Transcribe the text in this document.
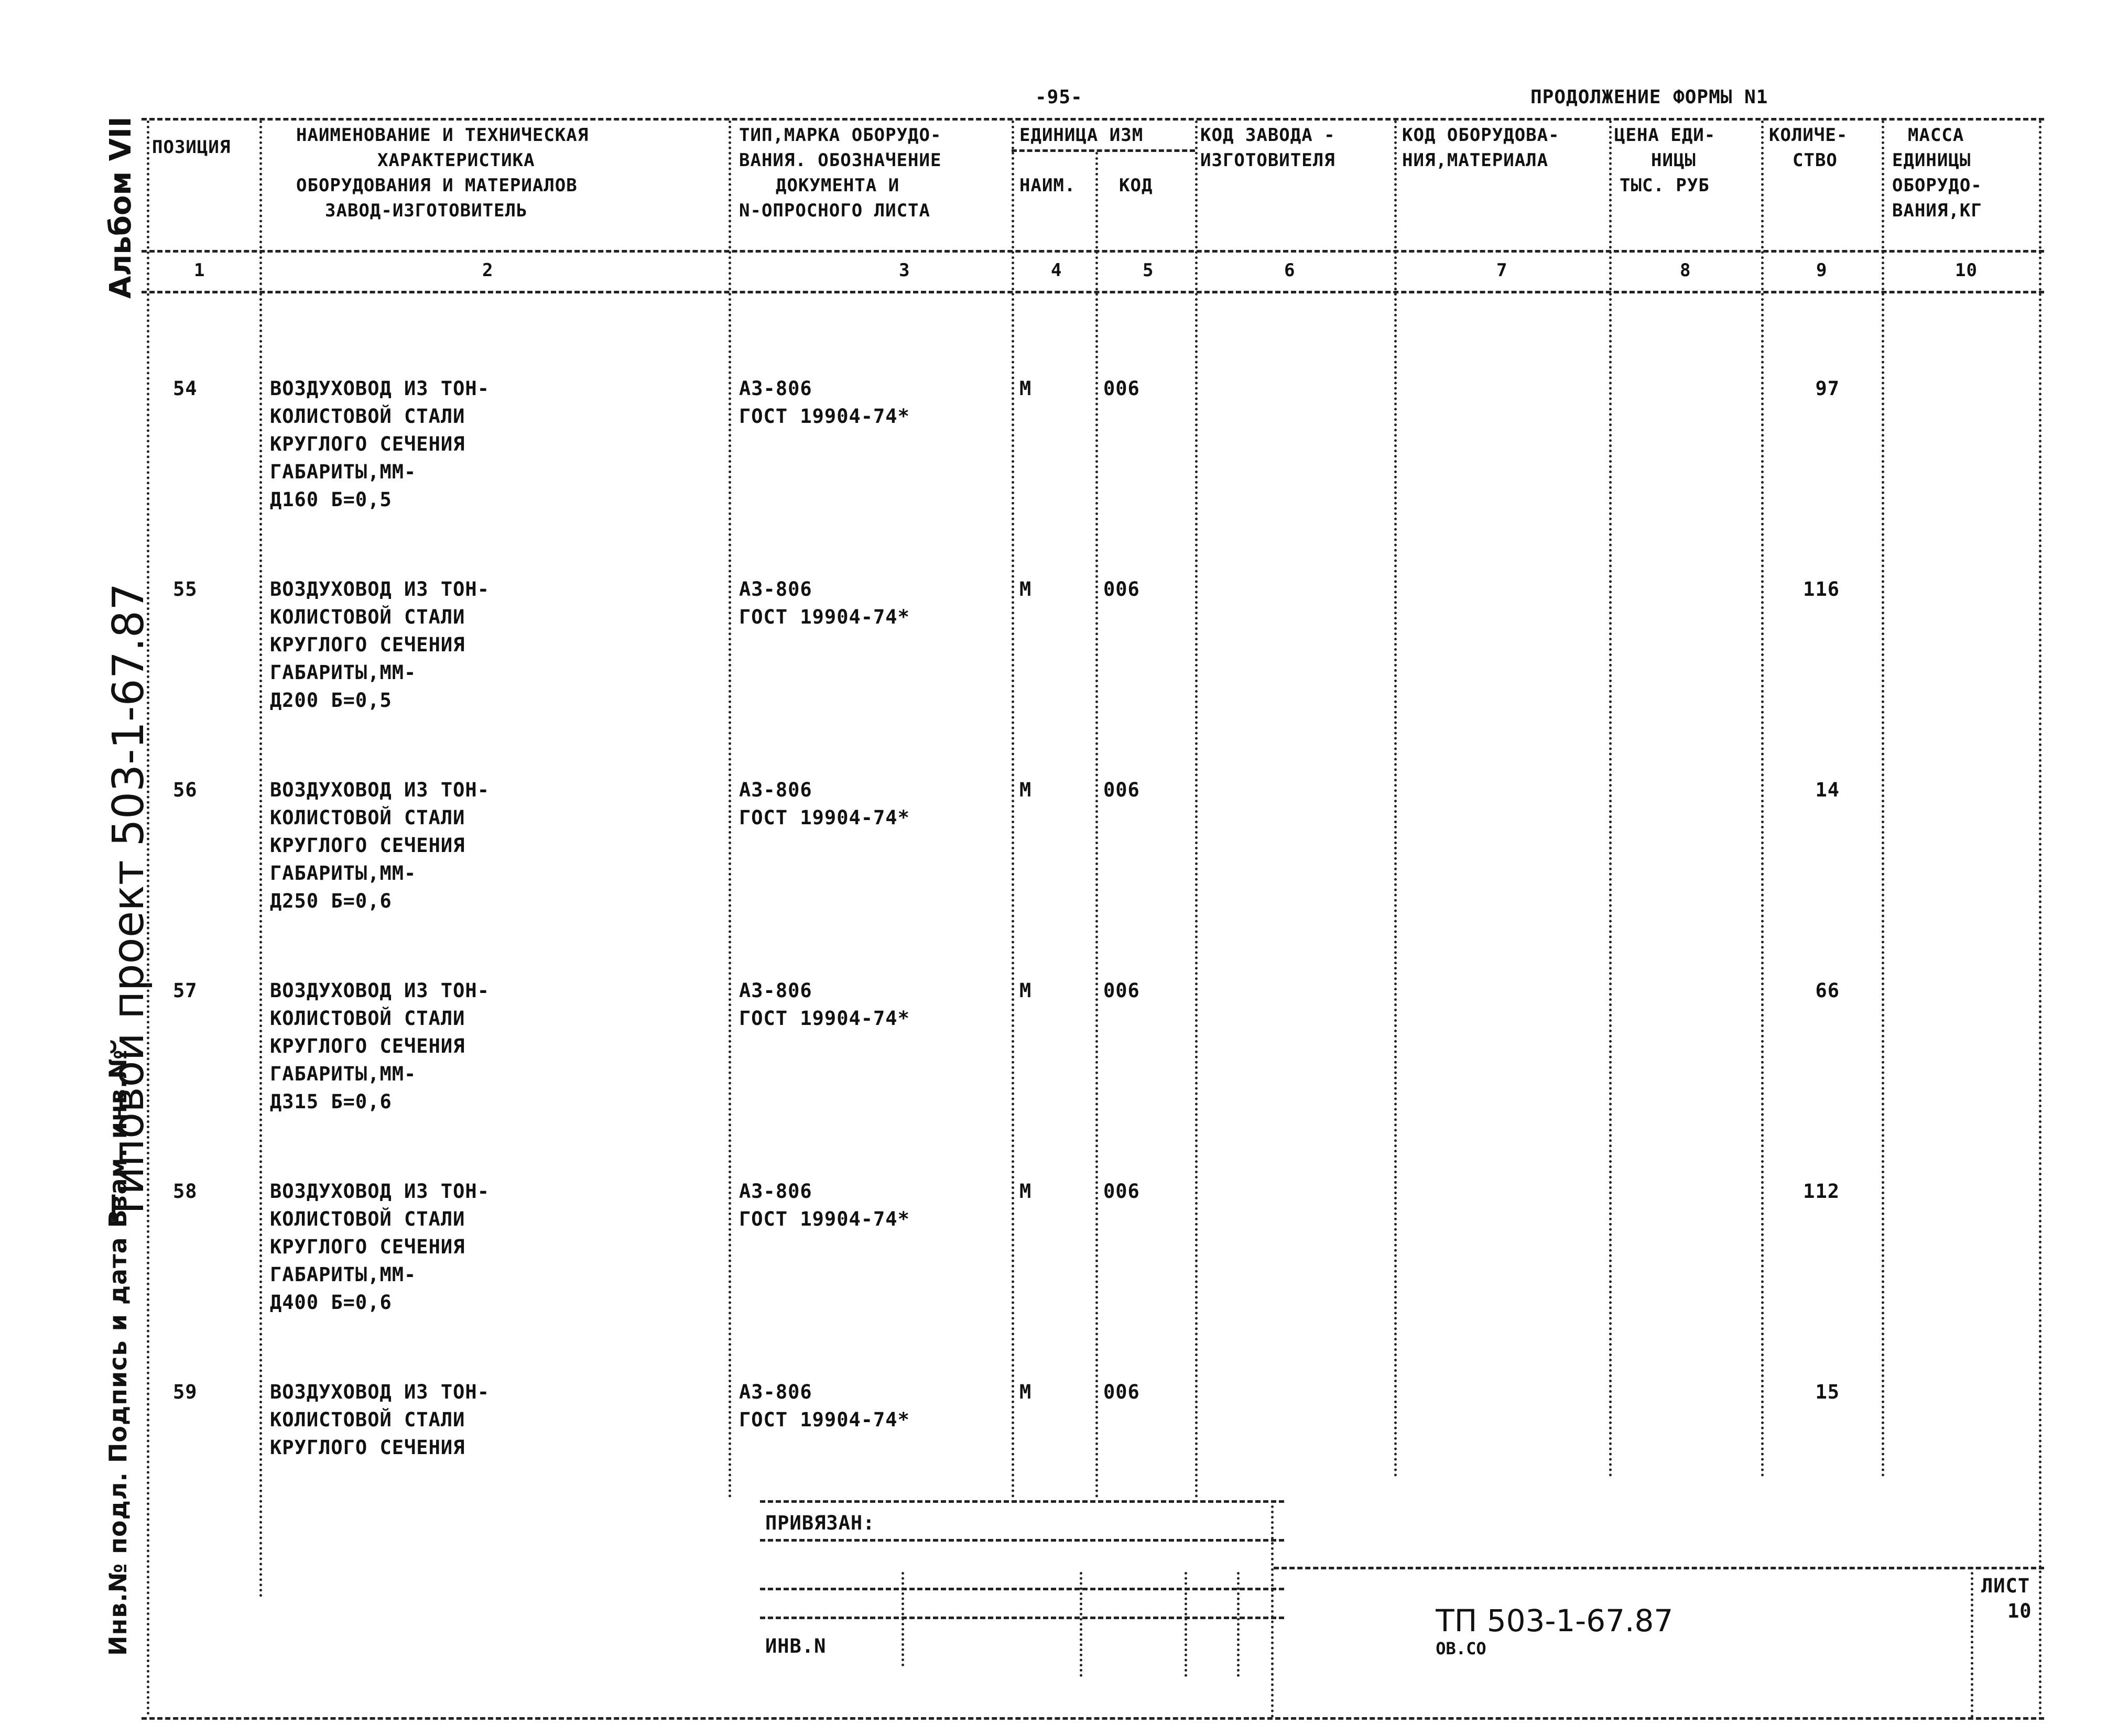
-95-	ПРОДОЛЖЕНИЕ ФОРМЫ N1
Альбом VII
Типовой проект 503-1-67.87
Инв.№ подл. Подпись и дата Взам. инв.№
ПОЗИЦИЯ
НАИМЕНОВАНИЕ И ТЕХНИЧЕСКАЯ
ХАРАКТЕРИСТИКА
ОБОРУДОВАНИЯ И МАТЕРИАЛОВ
ЗАВОД-ИЗГОТОВИТЕЛЬ
ТИП,МАРКА ОБОРУДО-
ВАНИЯ. ОБОЗНАЧЕНИЕ
ДОКУМЕНТА И
N-ОПРОСНОГО ЛИСТА
ЕДИНИЦА ИЗМ
НАИМ. КОД
КОД ЗАВОДА -
ИЗГОТОВИТЕЛЯ
КОД ОБОРУДОВА-
НИЯ,МАТЕРИАЛА
ЦЕНА ЕДИ-
НИЦЫ
ТЫС. РУБ
КОЛИЧЕ-
СТВО
МАССА
ЕДИНИЦЫ
ОБОРУДО-
ВАНИЯ,КГ
1	2	3	4	5	6	7	8	9	10
54	ВОЗДУХОВОД ИЗ ТОН-
КОЛИСТОВОЙ СТАЛИ
КРУГЛОГО СЕЧЕНИЯ
ГАБАРИТЫ,ММ-
Д160 Б=0,5
АЗ-806
ГОСТ 19904-74*
М	006	97
55	ВОЗДУХОВОД ИЗ ТОН-
КОЛИСТОВОЙ СТАЛИ
КРУГЛОГО СЕЧЕНИЯ
ГАБАРИТЫ,ММ-
Д200 Б=0,5
АЗ-806
ГОСТ 19904-74*
М	006	116
56	ВОЗДУХОВОД ИЗ ТОН-
КОЛИСТОВОЙ СТАЛИ
КРУГЛОГО СЕЧЕНИЯ
ГАБАРИТЫ,ММ-
Д250 Б=0,6
АЗ-806
ГОСТ 19904-74*
М	006	14
57	ВОЗДУХОВОД ИЗ ТОН-
КОЛИСТОВОЙ СТАЛИ
КРУГЛОГО СЕЧЕНИЯ
ГАБАРИТЫ,ММ-
Д315 Б=0,6
АЗ-806
ГОСТ 19904-74*
М	006	66
58	ВОЗДУХОВОД ИЗ ТОН-
КОЛИСТОВОЙ СТАЛИ
КРУГЛОГО СЕЧЕНИЯ
ГАБАРИТЫ,ММ-
Д400 Б=0,6
АЗ-806
ГОСТ 19904-74*
М	006	112
59	ВОЗДУХОВОД ИЗ ТОН-
КОЛИСТОВОЙ СТАЛИ
КРУГЛОГО СЕЧЕНИЯ
АЗ-806
ГОСТ 19904-74*
М	006	15
ПРИВЯЗАН:
ИНВ.N

ТП 503-1-67.87
ОВ.СО

ЛИСТ
10
